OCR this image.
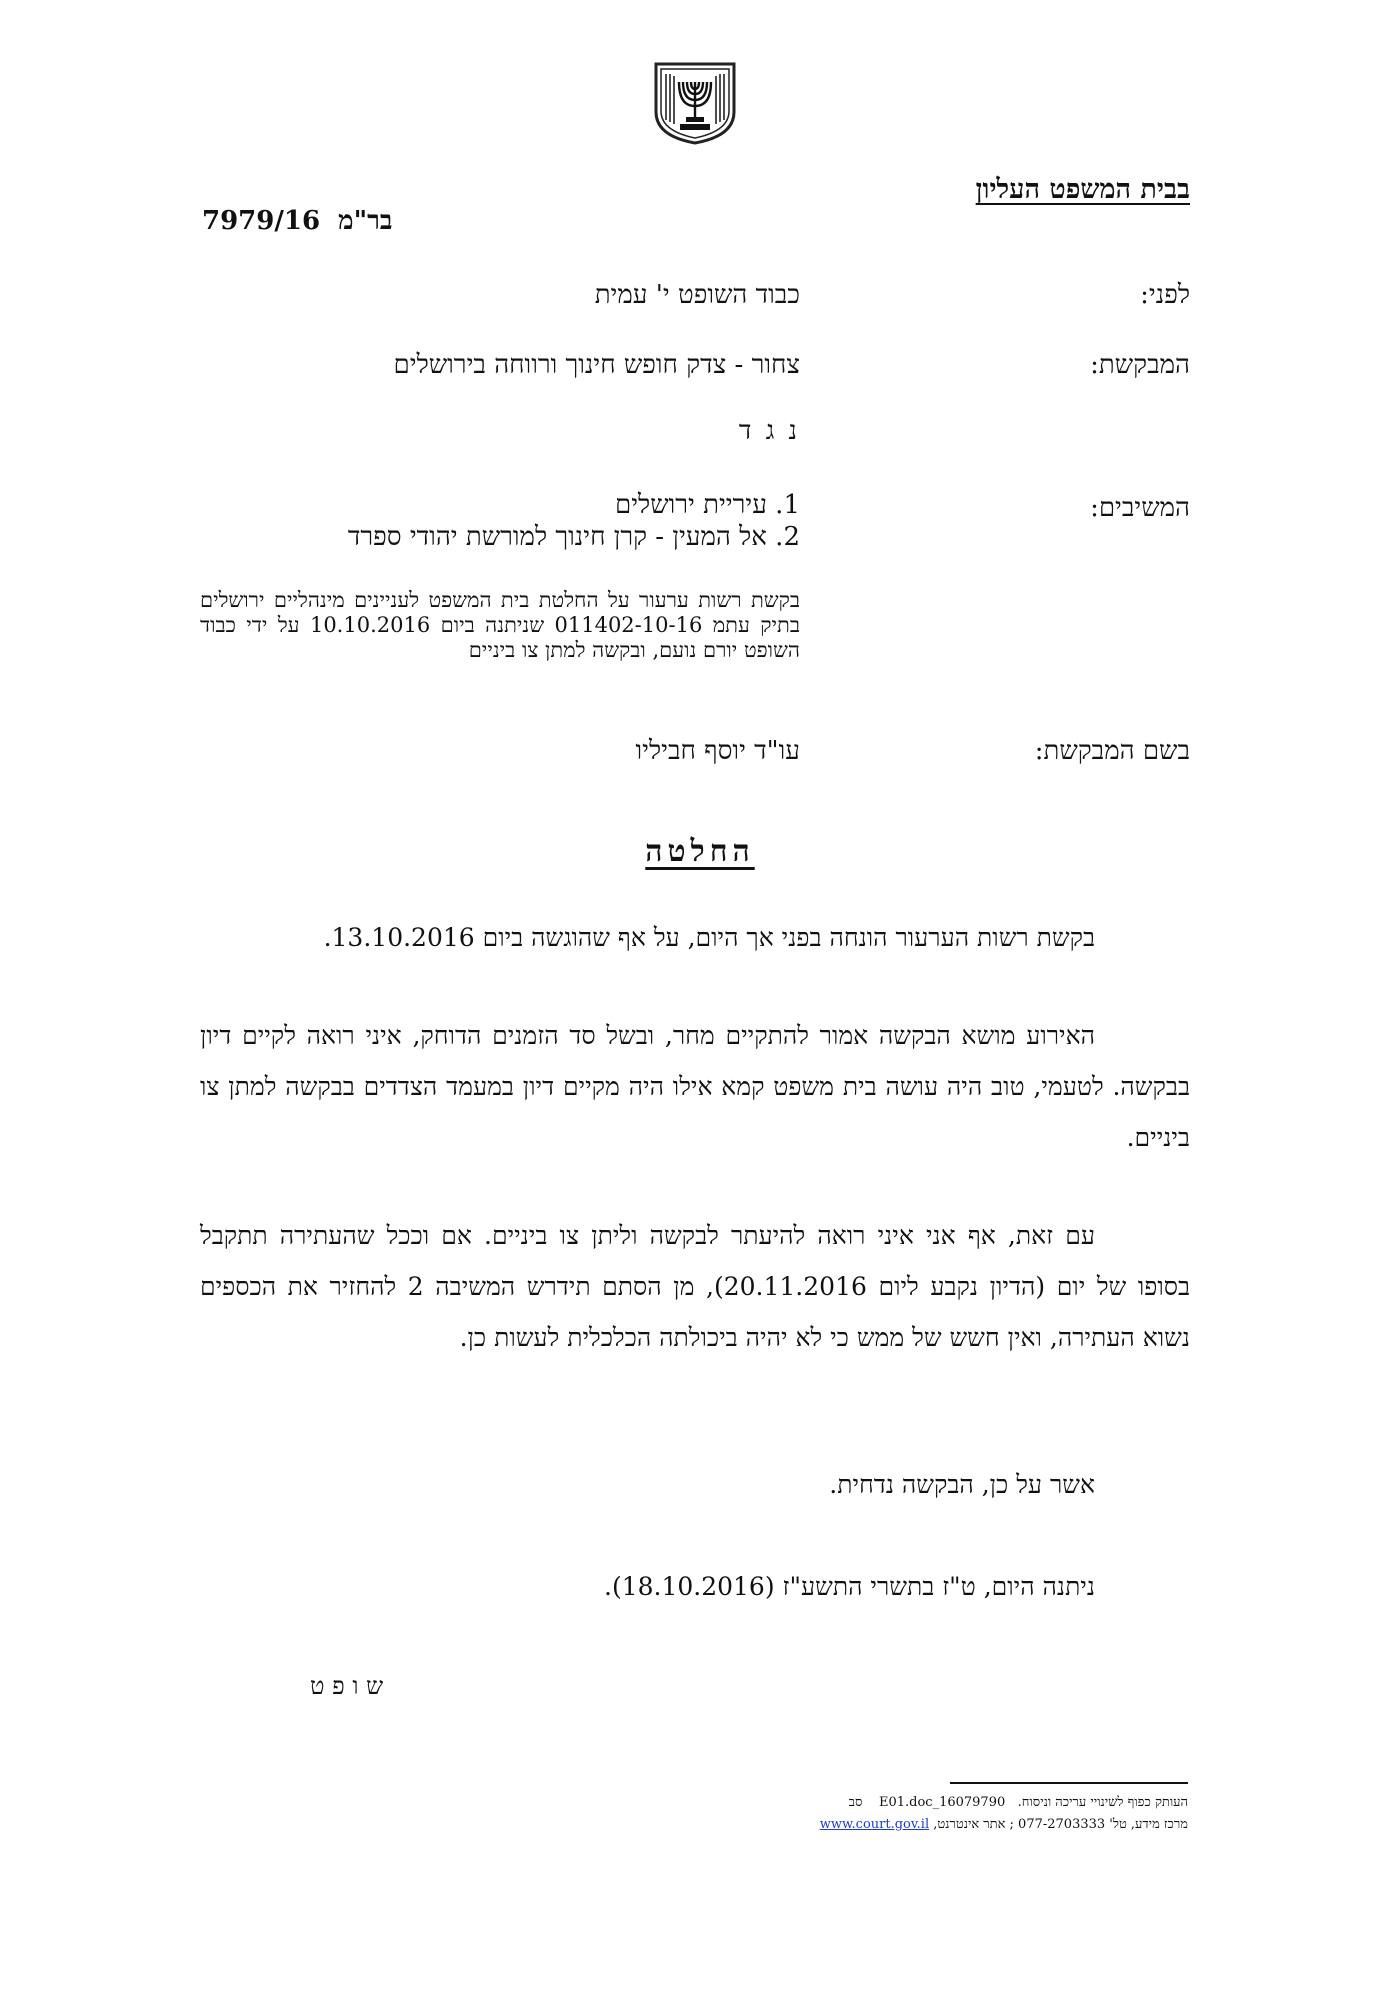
בבית המשפט העליון
בר"מ  7979/16
לפני:
כבוד השופט י' עמית
המבקשת:
צחור - צדק חופש חינוך ורווחה בירושלים
נ ג ד
המשיבים:
1. עיריית ירושלים
2. אל המעין - קרן חינוך למורשת יהודי ספרד
בקשת רשות ערעור על החלטת בית המשפט לעניינים מינהליים ירושלים בתיק עתמ 011402-10-16 שניתנה ביום 10.10.2016 על ידי כבוד השופט יורם נועם, ובקשה למתן צו ביניים
בשם המבקשת:
עו"ד יוסף חביליו
החלטה
בקשת רשות הערעור הונחה בפני אך היום, על אף שהוגשה ביום 13.10.2016.
האירוע מושא הבקשה אמור להתקיים מחר, ובשל סד הזמנים הדוחק, איני רואה לקיים דיון בבקשה. לטעמי, טוב היה עושה בית משפט קמא אילו היה מקיים דיון במעמד הצדדים בבקשה למתן צו ביניים.
עם זאת, אף אני איני רואה להיעתר לבקשה וליתן צו ביניים. אם וככל שהעתירה תתקבל בסופו של יום (הדיון נקבע ליום 20.11.2016), מן הסתם תידרש המשיבה 2 להחזיר את הכספים נשוא העתירה, ואין חשש של ממש כי לא יהיה ביכולתה הכלכלית לעשות כן.
אשר על כן, הבקשה נדחית.
ניתנה היום, ט"ז בתשרי התשע"ז (18.10.2016).
ש ו פ ט
העותק כפוף לשינויי עריכה וניסוח.   16079790_E01.doc    סב
מרכז מידע, טל' 077-2703333 ; אתר אינטרנט, www.court.gov.il
